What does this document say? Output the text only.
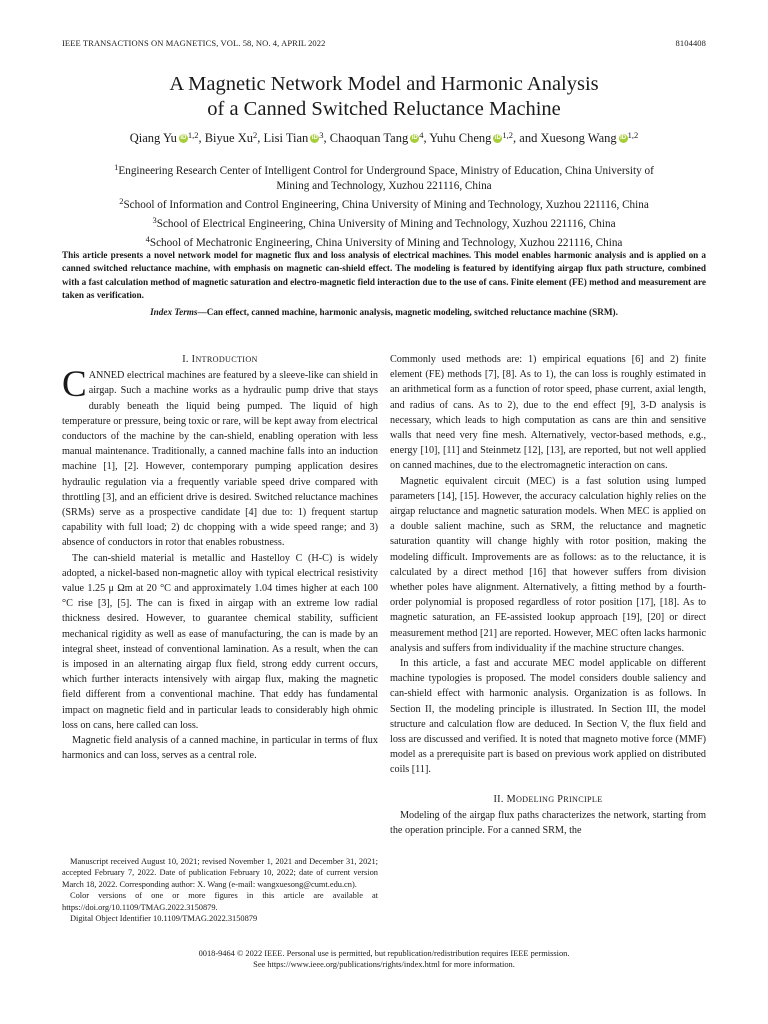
IEEE TRANSACTIONS ON MAGNETICS, VOL. 58, NO. 4, APRIL 2022	8104408
A Magnetic Network Model and Harmonic Analysis
of a Canned Switched Reluctance Machine
Qiang Yu iD $^{1,2}$, Biyue Xu$^2$, Lisi Tian iD $^3$, Chaoquan Tang iD $^4$, Yuhu Cheng iD $^{1,2}$, and Xuesong Wang iD $^{1,2}$
$^1$Engineering Research Center of Intelligent Control for Underground Space, Ministry of Education, China University of
Mining and Technology, Xuzhou 221116, China
$^2$School of Information and Control Engineering, China University of Mining and Technology, Xuzhou 221116, China
$^3$School of Electrical Engineering, China University of Mining and Technology, Xuzhou 221116, China
$^4$School of Mechatronic Engineering, China University of Mining and Technology, Xuzhou 221116, China
This article presents a novel network model for magnetic flux and loss analysis of electrical machines. This model enables harmonic analysis and is applied on a canned switched reluctance machine, with emphasis on magnetic can-shield effect. The modeling is featured by identifying airgap flux path structure, combined with a fast calculation method of magnetic saturation and electro-magnetic field interaction due to the use of cans. Finite element (FE) method and measurement are taken as verification.
Index Terms—Can effect, canned machine, harmonic analysis, magnetic modeling, switched reluctance machine (SRM).
I. INTRODUCTION

CANNED electrical machines are featured by a sleeve-like can shield in airgap. Such a machine works as a hydraulic pump drive that stays durably beneath the liquid being pumped. The liquid of high temperature or pressure, being toxic or rare, will be kept away from electrical conductors of the machine by the can-shield, enabling operation with less manual maintenance. Traditionally, a canned machine falls into an induction machine [1], [2]. However, contemporary pumping application desires hydraulic regulation via a frequently variable speed drive compared with throttling [3], and an efficient drive is desired. Switched reluctance machines (SRMs) serve as a prospective candidate [4] due to: 1) frequent startup capability with full load; 2) dc chopping with a wide speed range; and 3) absence of conductors in rotor that enables robustness.

The can-shield material is metallic and Hastelloy C (H-C) is widely adopted, a nickel-based non-magnetic alloy with typical electrical resistivity value 1.25 μ Ωm at 20 °C and approximately 1.04 times higher at each 100 °C rise [3], [5]. The can is fixed in airgap with an extreme low radial thickness desired. However, to guarantee chemical stability, sufficient mechanical rigidity as well as ease of manufacturing, the can is made by an integral sheet, instead of conventional lamination. As a result, when the can is imposed in an alternating airgap flux field, strong eddy current occurs, which further interacts intensively with airgap flux, making the magnetic field different from a conventional machine. That eddy has fundamental impact on magnetic field and in particular leads to considerably high ohmic loss on cans, here called can loss.

Magnetic field analysis of a canned machine, in particular in terms of flux harmonics and can loss, serves as a central role.

Manuscript received August 10, 2021; revised November 1, 2021 and December 31, 2021; accepted February 7, 2022. Date of publication February 10, 2022; date of current version March 18, 2022. Corresponding author: X. Wang (e-mail: wangxuesong@cumt.edu.cn).

Color versions of one or more figures in this article are available at https://doi.org/10.1109/TMAG.2022.3150879.

Digital Object Identifier 10.1109/TMAG.2022.3150879

Commonly used methods are: 1) empirical equations [6] and 2) finite element (FE) methods [7], [8]. As to 1), the can loss is roughly estimated in an arithmetical form as a function of rotor speed, phase current, axial length, and radius of cans. As to 2), due to the end effect [9], 3-D analysis is necessary, which leads to high computation as cans are thin and sensitive walls that need very fine mesh. Alternatively, vector-based methods, e.g., energy [10], [11] and Steinmetz [12], [13], are reported, but not well applied on canned machines, due to the electromagnetic interaction on cans.

Magnetic equivalent circuit (MEC) is a fast solution using lumped parameters [14], [15]. However, the accuracy calculation highly relies on the airgap reluctance and magnetic saturation models. When MEC is applied on a double salient machine, such as SRM, the reluctance and magnetic saturation quantity will change highly with rotor position, making the modeling difficult. Improvements are as follows: as to the reluctance, it is calculated by a direct method [16] that however suffers from division whether poles have alignment. Alternatively, a fitting method by a fourth-order polynomial is proposed regardless of rotor position [17], [18]. As to magnetic saturation, an FE-assisted lookup approach [19], [20] or direct measurement method [21] are reported. However, MEC often lacks harmonic analysis and suffers from individuality if the machine structure changes.

In this article, a fast and accurate MEC model applicable on different machine typologies is proposed. The model considers double saliency and can-shield effect with harmonic analysis. Organization is as follows. In Section II, the modeling principle is illustrated. In Section III, the model structure and calculation flow are deduced. In Section V, the flux field and loss are discussed and verified. It is noted that magneto motive force (MMF) model as a prerequisite part is based on previous work applied on distributed coils [11].

II. MODELING PRINCIPLE

Modeling of the airgap flux paths characterizes the network, starting from the operation principle. For a canned SRM, the

0018-9464 © 2022 IEEE. Personal use is permitted, but republication/redistribution requires IEEE permission.
See https://www.ieee.org/publications/rights/index.html for more information.
